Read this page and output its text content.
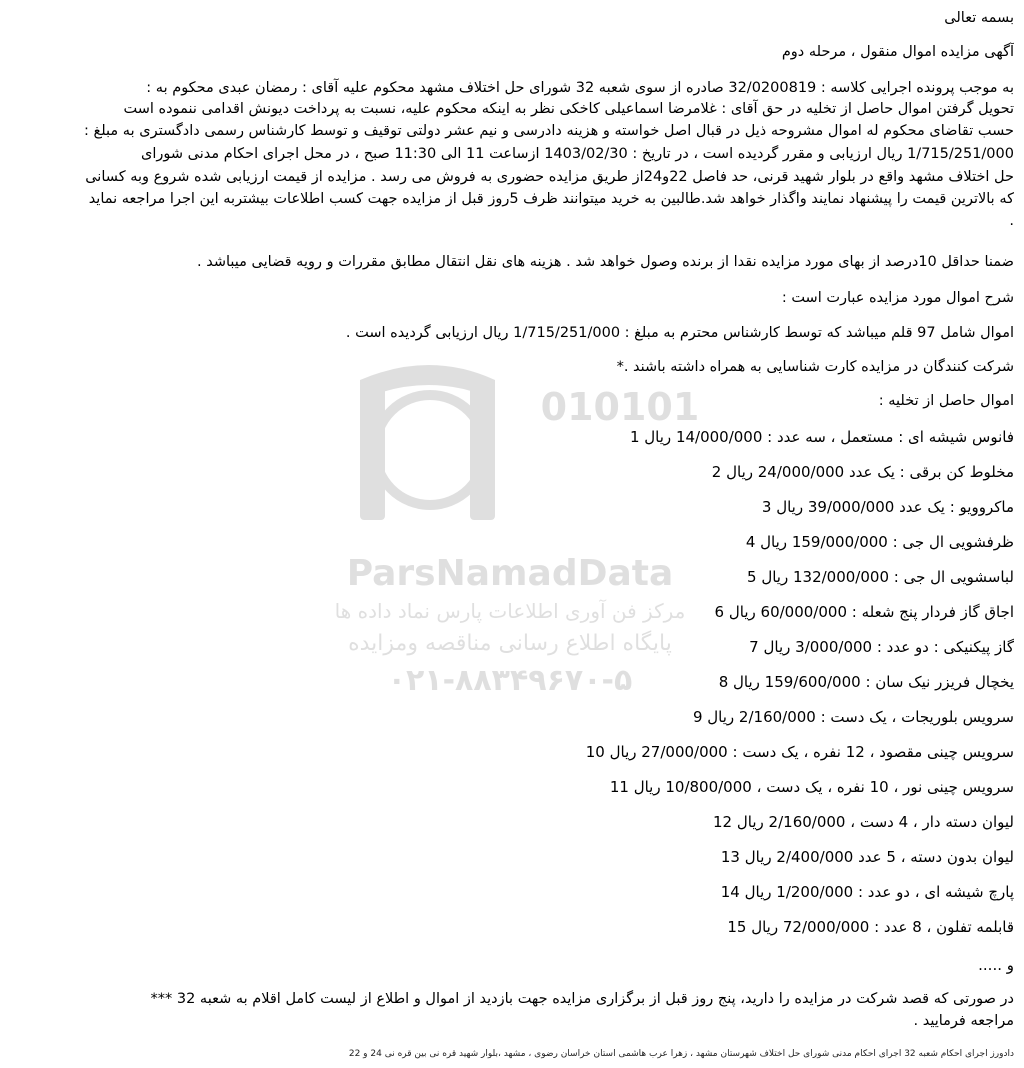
010101
ParsNamadData
مرکز فن آوری اطلاعات پارس نماد داده ها
پایگاه اطلاع رسانی مناقصه ومزایده
۰۲۱-۸۸۳۴۹۶۷۰-۵
بسمه تعالی
آگهی مزایده اموال منقول ، مرحله دوم
به موجب پرونده اجرایی کلاسه : 32/0200819 صادره از سوی شعبه 32 شورای حل اختلاف مشهد محکوم علیه آقای : رمضان عبدی محکوم به :
تحویل گرفتن اموال حاصل از تخلیه در حق آقای : غلامرضا اسماعیلی کاخکی نظر به اینکه محکوم علیه، نسبت به پرداخت دیونش اقدامی ننموده است
حسب تقاضای محکوم له اموال مشروحه ذیل در قبال اصل خواسته و هزینه دادرسی و نیم عشر دولتی توقیف و توسط کارشناس رسمی دادگستری به مبلغ :
1/715/251/000 ریال ارزیابی و مقرر گردیده است ، در تاریخ : 1403/02/30 ازساعت 11 الی 11:30 صبح ، در محل اجرای احکام مدنی شورای
حل اختلاف مشهد واقع در بلوار شهید قرنی، حد فاصل 22و24از طریق مزایده حضوری به فروش می رسد . مزایده از قیمت ارزیابی شده شروع وبه کسانی
که بالاترین قیمت را پیشنهاد نمایند واگذار خواهد شد.طالبین به خرید میتوانند ظرف 5روز قبل از مزایده جهت کسب اطلاعات بیشتربه این اجرا مراجعه نماید
.
ضمنا حداقل 10درصد از بهای مورد مزایده نقدا از برنده وصول خواهد شد . هزینه های نقل انتقال مطابق مقررات و رویه قضایی میباشد .
شرح اموال مورد مزایده عبارت است :
اموال شامل 97 قلم میباشد که توسط کارشناس محترم به مبلغ : 1/715/251/000 ریال ارزیابی گردیده است .
شرکت کنندگان در مزایده کارت شناسایی به همراه داشته باشند .*
اموال حاصل از تخلیه :
فانوس شیشه ای : مستعمل ، سه عدد : 14/000/000 ریال 1
مخلوط کن برقی : یک عدد 24/000/000 ریال 2
ماکروویو : یک عدد 39/000/000 ریال 3
ظرفشویی ال جی : 159/000/000 ریال 4
لباسشویی ال جی : 132/000/000 ریال 5
اجاق گاز فردار پنج شعله : 60/000/000 ریال 6
گاز پیکنیکی : دو عدد : 3/000/000 ریال 7
یخچال فریزر نیک سان : 159/600/000 ریال 8
سرویس بلوریجات ، یک دست : 2/160/000 ریال 9
سرویس چینی مقصود ، 12 نفره ، یک دست : 27/000/000 ریال 10
سرویس چینی نور ، 10 نفره ، یک دست ، 10/800/000 ریال 11
لیوان دسته دار ، 4 دست ، 2/160/000 ریال 12
لیوان بدون دسته ، 5 عدد 2/400/000 ریال 13
پارچ شیشه ای ، دو عدد : 1/200/000 ریال 14
قابلمه تفلون ، 8 عدد : 72/000/000 ریال 15
و .....
در صورتی که قصد شرکت در مزایده را دارید، پنج روز قبل از برگزاری مزایده جهت بازدید از اموال و اطلاع از لیست کامل اقلام به شعبه 32 ***
مراجعه فرمایید .
دادورز اجرای احکام شعبه 32 اجرای احکام مدنی شورای حل اختلاف شهرستان مشهد ، زهرا عرب هاشمی استان خراسان رضوی ، مشهد ،بلوار شهید قره نی بین قره نی 24 و 22
